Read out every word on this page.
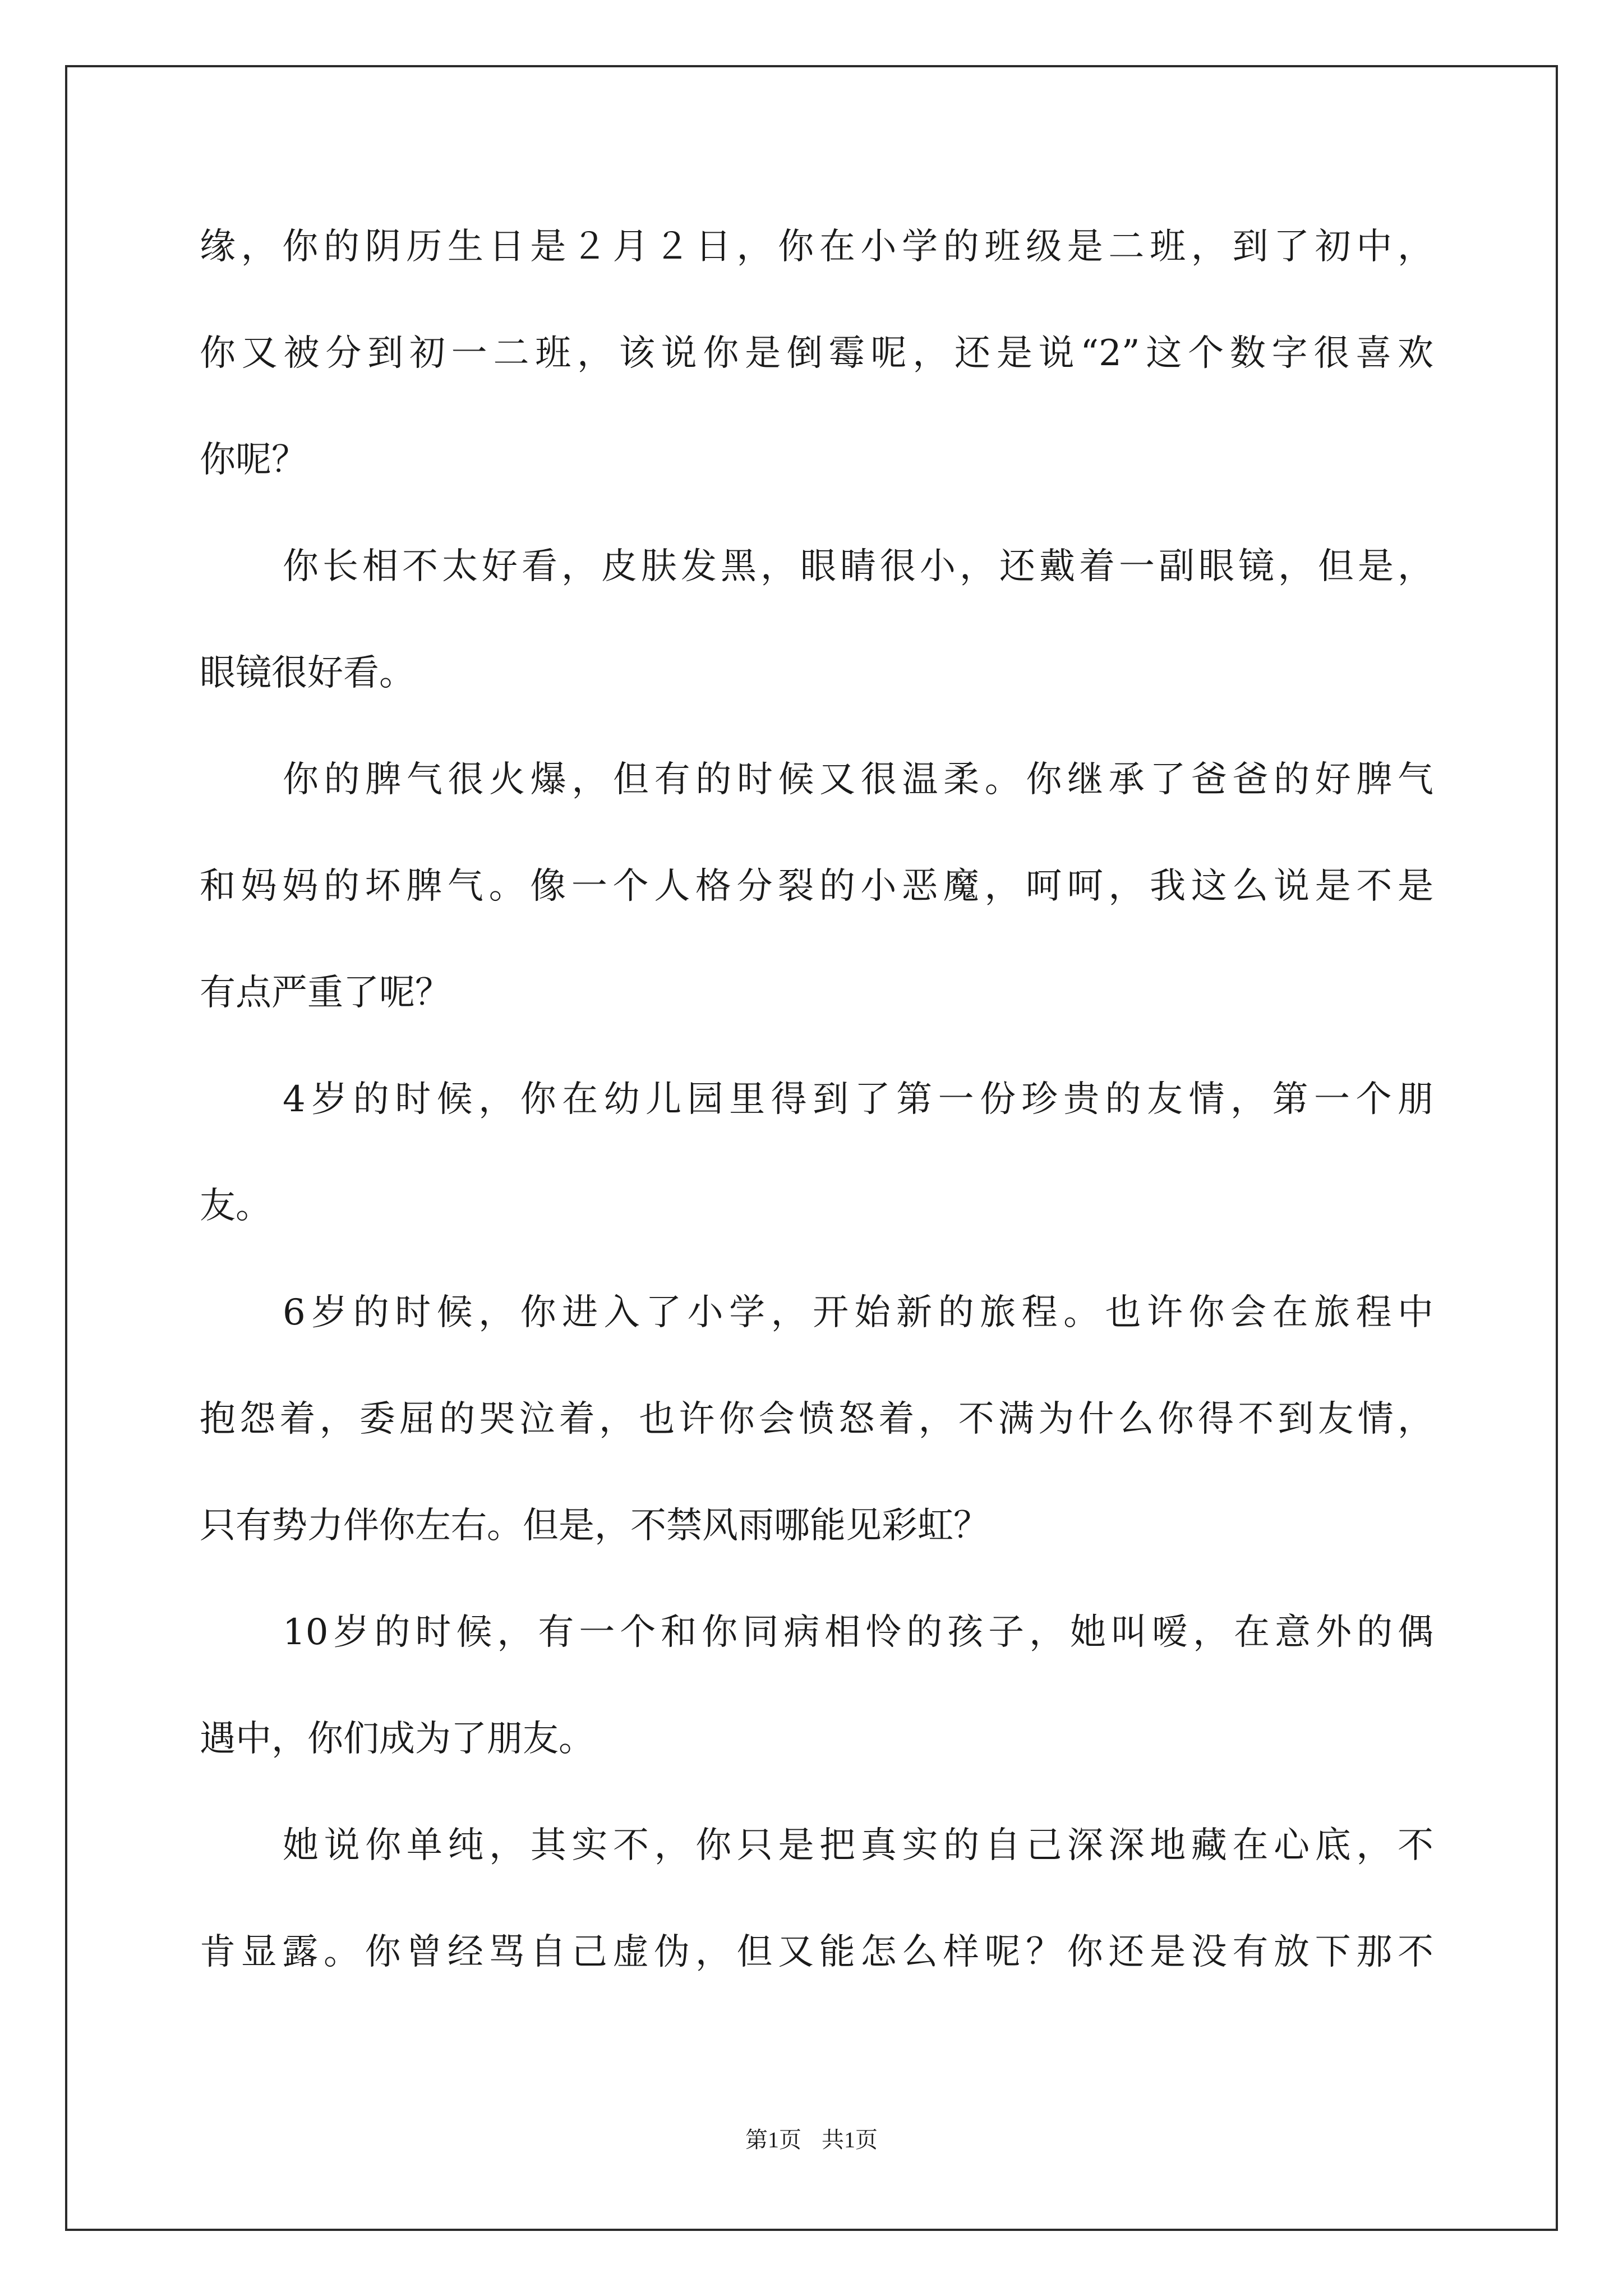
缘，你的阴历生日是２月２日，你在小学的班级是二班，到了初中，
你又被分到初一二班，该说你是倒霉呢，还是说“2”这个数字很喜欢
你呢？
你长相不太好看，皮肤发黑，眼睛很小，还戴着一副眼镜，但是，
眼镜很好看。
你的脾气很火爆，但有的时候又很温柔。你继承了爸爸的好脾气
和妈妈的坏脾气。像一个人格分裂的小恶魔，呵呵，我这么说是不是
有点严重了呢？
4岁的时候，你在幼儿园里得到了第一份珍贵的友情，第一个朋
友。
6岁的时候，你进入了小学，开始新的旅程。也许你会在旅程中
抱怨着，委屈的哭泣着，也许你会愤怒着，不满为什么你得不到友情，
只有势力伴你左右。但是，不禁风雨哪能见彩虹？
10岁的时候，有一个和你同病相怜的孩子，她叫嗳，在意外的偶
遇中，你们成为了朋友。
她说你单纯，其实不，你只是把真实的自己深深地藏在心底，不
肯显露。你曾经骂自己虚伪，但又能怎么样呢？你还是没有放下那不
第1页 共1页
